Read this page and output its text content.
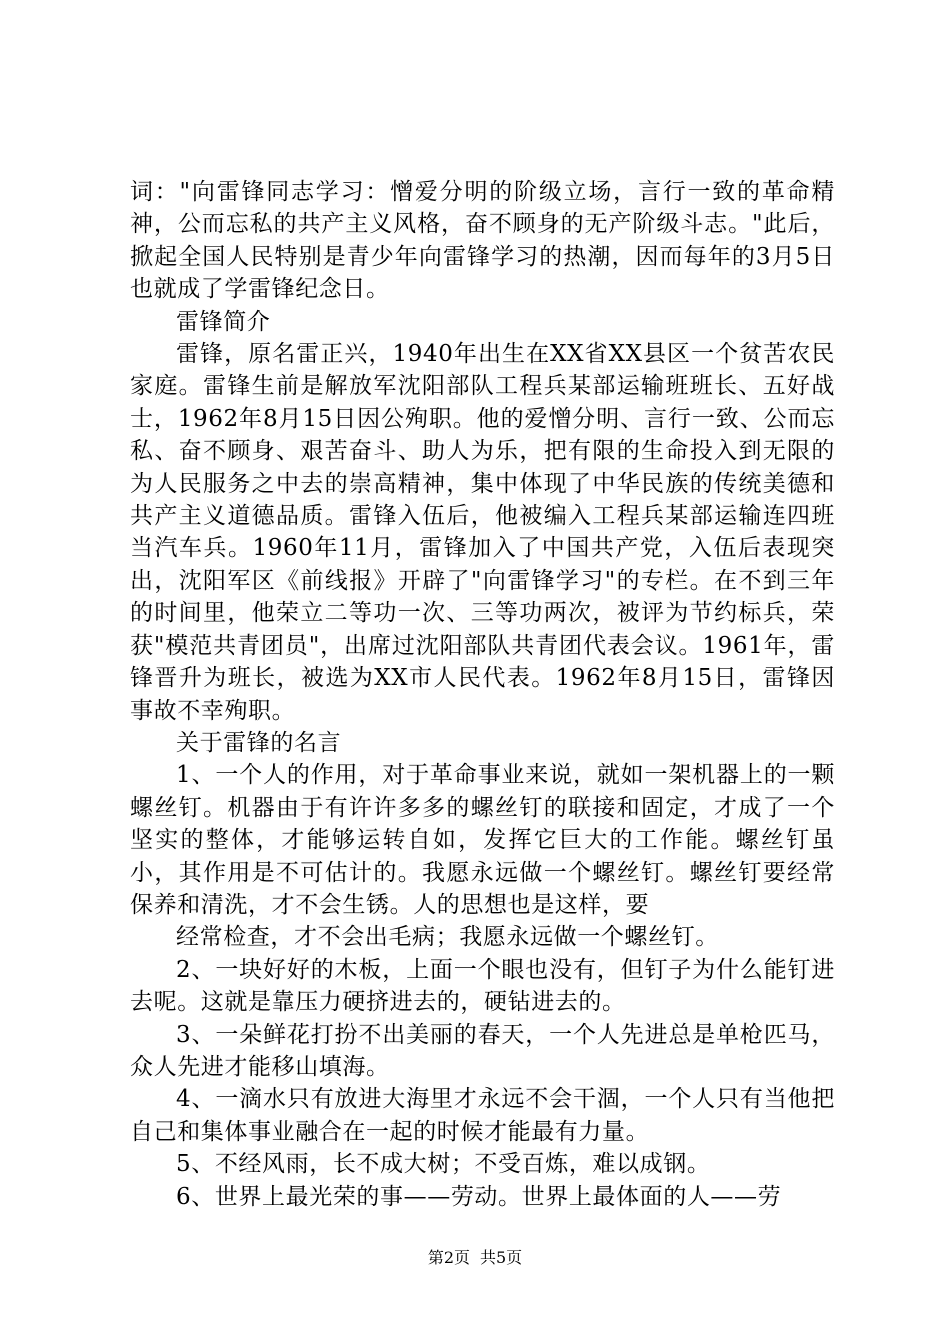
词："向雷锋同志学习：憎爱分明的阶级立场，言行一致的革命精神，公而忘私的共产主义风格，奋不顾身的无产阶级斗志。"此后，掀起全国人民特别是青少年向雷锋学习的热潮，因而每年的3月5日也就成了学雷锋纪念日。

雷锋简介

雷锋，原名雷正兴，1940年出生在XX省XX县区一个贫苦农民家庭。雷锋生前是解放军沈阳部队工程兵某部运输班班长、五好战士，1962年8月15日因公殉职。他的爱憎分明、言行一致、公而忘私、奋不顾身、艰苦奋斗、助人为乐，把有限的生命投入到无限的为人民服务之中去的崇高精神，集中体现了中华民族的传统美德和共产主义道德品质。雷锋入伍后，他被编入工程兵某部运输连四班当汽车兵。1960年11月，雷锋加入了中国共产党，入伍后表现突出，沈阳军区《前线报》开辟了"向雷锋学习"的专栏。在不到三年的时间里，他荣立二等功一次、三等功两次，被评为节约标兵，荣获"模范共青团员"，出席过沈阳部队共青团代表会议。1961年，雷锋晋升为班长，被选为XX市人民代表。1962年8月15日，雷锋因事故不幸殉职。

关于雷锋的名言

1、一个人的作用，对于革命事业来说，就如一架机器上的一颗螺丝钉。机器由于有许许多多的螺丝钉的联接和固定，才成了一个坚实的整体，才能够运转自如，发挥它巨大的工作能。螺丝钉虽小，其作用是不可估计的。我愿永远做一个螺丝钉。螺丝钉要经常保养和清洗，才不会生锈。人的思想也是这样，要

经常检查，才不会出毛病；我愿永远做一个螺丝钉。

2、一块好好的木板，上面一个眼也没有，但钉子为什么能钉进去呢。这就是靠压力硬挤进去的，硬钻进去的。

3、一朵鲜花打扮不出美丽的春天，一个人先进总是单枪匹马，众人先进才能移山填海。

4、一滴水只有放进大海里才永远不会干涸，一个人只有当他把自己和集体事业融合在一起的时候才能最有力量。

5、不经风雨，长不成大树；不受百炼，难以成钢。

6、世界上最光荣的事——劳动。世界上最体面的人——劳

第2页 共5页
